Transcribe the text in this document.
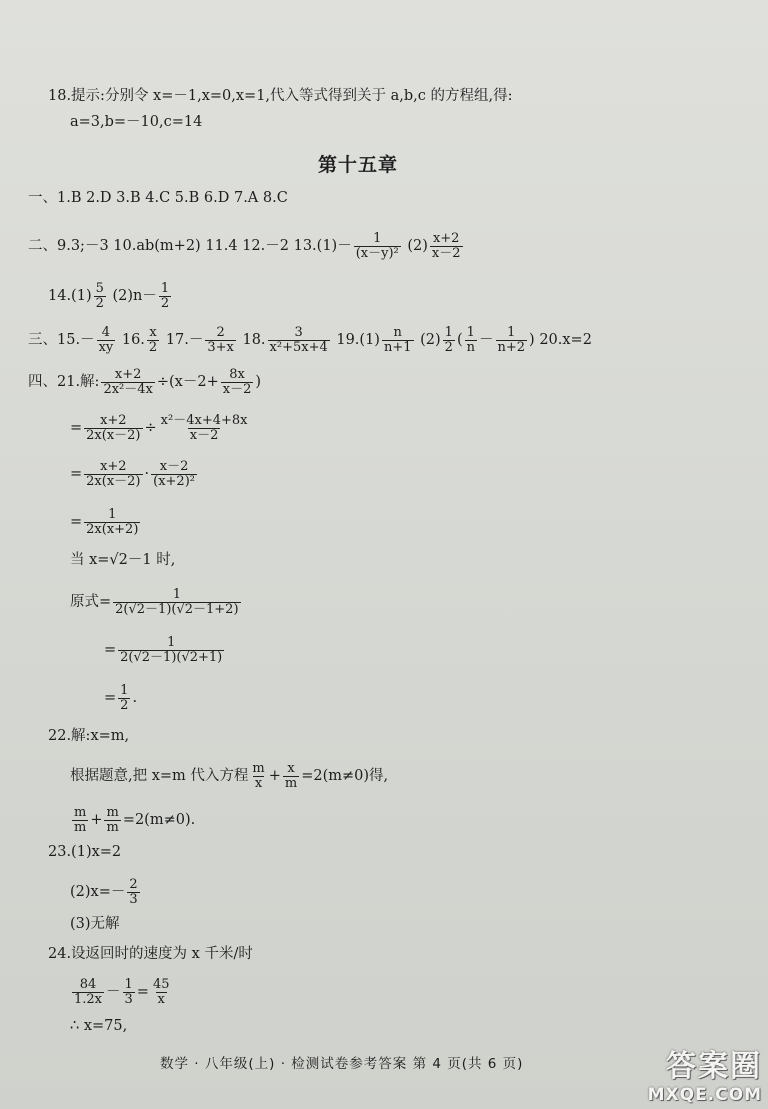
18.提示:分别令 x=－1,x=0,x=1,代入等式得到关于 a,b,c 的方程组,得:
a=3,b=－10,c=14
第十五章
一、1.B 2.D 3.B 4.C 5.B 6.D 7.A 8.C
二、9.3;－3 10.ab(m+2) 11.4 12.－2 $13.(1)- \frac{1}{\text{(x－y)²}} (2) \frac{x+2}{x-2}$
$14.(1) \frac{5}{2} (2)n- \frac{1}{2}$
三、$15.- \frac{4}{xy} 16$. $\frac{x}{2} 17.- \frac{2}{3+x} 18$. $\frac{3}{\text{x²+5x+4}} 19.(1) \frac{n}{n+1} (2) \frac{1}{2}$ ( $\frac{1}{n} - \frac{1}{n+2}$ ) 20.x=2
四、21.解: $\frac{x+2}{\text{2x²－4x}} \div(x-2+ \frac{8x}{x-2}$ )
= $\frac{x+2}{2x(x-2)} \div \frac{\text{x²－4x+4+8x}}{x-2}$
= $\frac{x+2}{2x(x-2)} \cdot \frac{x-2}{\text{(x+2)²}}$
= $\frac{1}{2x(x+2)}$
当 x=√2－1 时,
原式= $\frac{1}{2(√2-1)(√2-1+2)}$
= $\frac{1}{2(√2-1)(√2+1)}$
= $\frac{1}{2}$ .
22.解:x=m,
根据题意,把 x=m 代入方程 $\frac{m}{x} + \frac{x}{m} =2(m\ne 0)$得,
$\frac{m}{m} + \frac{m}{m} =2(m\ne 0)$.
23.(1)x=2
$(2)x=- \frac{2}{3}$
(3)无解
24.设返回时的速度为 x 千米/时
$\frac{84}{1.2x} - \frac{1}{3} = \frac{45}{x}$
∴ x=75,
数学 · 八年级(上) · 检测试卷参考答案 第 4 页(共 6 页)	答案圈
MXQE.COM
